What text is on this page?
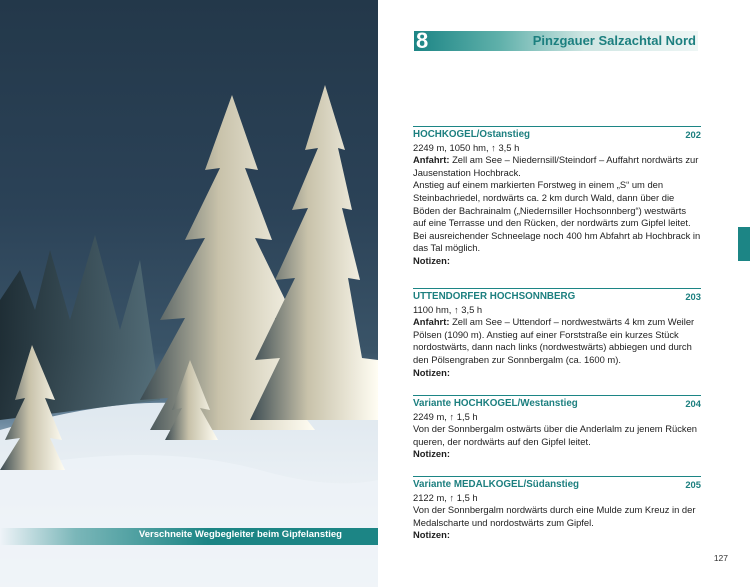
Verschneite Wegbegleiter beim Gipfelanstieg
8	Pinzgauer Salzachtal Nord
HOCHKOGEL/Ostanstieg	202

2249 m, 1050 hm, ↑ 3,5 h

Anfahrt: Zell am See – Niedernsill/Steindorf – Auffahrt nordwärts zur Jausenstation Hochbrack.

Anstieg auf einem markierten Forstweg in einem „S“ um den Steinbachriedel, nordwärts ca. 2 km durch Wald, dann über die Böden der Bachrainalm („Niedernsiller Hochsonnberg“) westwärts auf eine Terrasse und den Rücken, der nordwärts zum Gipfel leitet. Bei ausreichender Schneelage noch 400 hm Abfahrt ab Hochbrack in das Tal möglich.

Notizen:

UTTENDORFER HOCHSONNBERG	203

1100 hm, ↑ 3,5 h

Anfahrt: Zell am See – Uttendorf – nordwestwärts 4 km zum Weiler Pölsen (1090 m). Anstieg auf einer Forststraße ein kurzes Stück nordostwärts, dann nach links (nordwestwärts) abbiegen und durch den Pölsengraben zur Sonnbergalm (ca. 1600 m).

Notizen:

Variante HOCHKOGEL/Westanstieg	204

2249 m, ↑ 1,5 h

Von der Sonnbergalm ostwärts über die Anderlalm zu jenem Rücken queren, der nordwärts auf den Gipfel leitet.

Notizen:

Variante MEDALKOGEL/Südanstieg	205

2122 m, ↑ 1,5 h

Von der Sonnbergalm nordwärts durch eine Mulde zum Kreuz in der Medalscharte und nordostwärts zum Gipfel.

Notizen:

127
